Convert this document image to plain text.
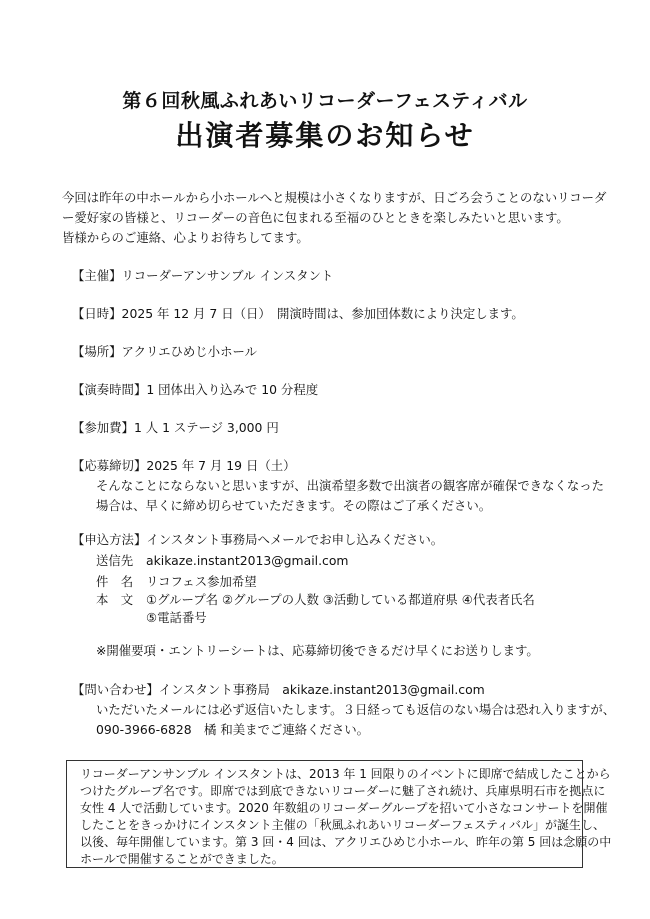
第６回秋風ふれあいリコーダーフェスティバル
出演者募集のお知らせ
今回は昨年の中ホールから小ホールへと規模は小さくなりますが、日ごろ会うことのないリコーダ
ー愛好家の皆様と、リコーダーの音色に包まれる至福のひとときを楽しみたいと思います。
皆様からのご連絡、心よりお待ちしてます。
【主催】リコーダーアンサンブル インスタント
【日時】2025 年 12 月 7 日（日）　開演時間は、参加団体数により決定します。
【場所】アクリエひめじ小ホール
【演奏時間】1 団体出入り込みで 10 分程度
【参加費】1 人 1 ステージ 3,000 円
【応募締切】2025 年 7 月 19 日（土）
そんなことにならないと思いますが、出演希望多数で出演者の観客席が確保できなくなった
場合は、早くに締め切らせていただきます。その際はご了承ください。
【申込方法】インスタント事務局へメールでお申し込みください。
送信先 akikaze.instant2013@gmail.com
件　名 リコフェス参加希望
本　文 ①グループ名 ②グループの人数 ③活動している都道府県 ④代表者氏名
⑤電話番号
※開催要項・エントリーシートは、応募締切後できるだけ早くにお送りします。
【問い合わせ】インスタント事務局　akikaze.instant2013@gmail.com
いただいたメールには必ず返信いたします。３日経っても返信のない場合は恐れ入りますが、
090-3966-6828　橘 和美までご連絡ください。
リコーダーアンサンブル インスタントは、2013 年 1 回限りのイベントに即席で結成したことから
つけたグループ名です。即席では到底できないリコーダーに魅了され続け、兵庫県明石市を拠点に
女性 4 人で活動しています。2020 年数組のリコーダーグループを招いて小さなコンサートを開催
したことをきっかけにインスタント主催の「秋風ふれあいリコーダーフェスティバル」が誕生し、
以後、毎年開催しています。第 3 回・4 回は、アクリエひめじ小ホール、昨年の第 5 回は念願の中
ホールで開催することができました。
